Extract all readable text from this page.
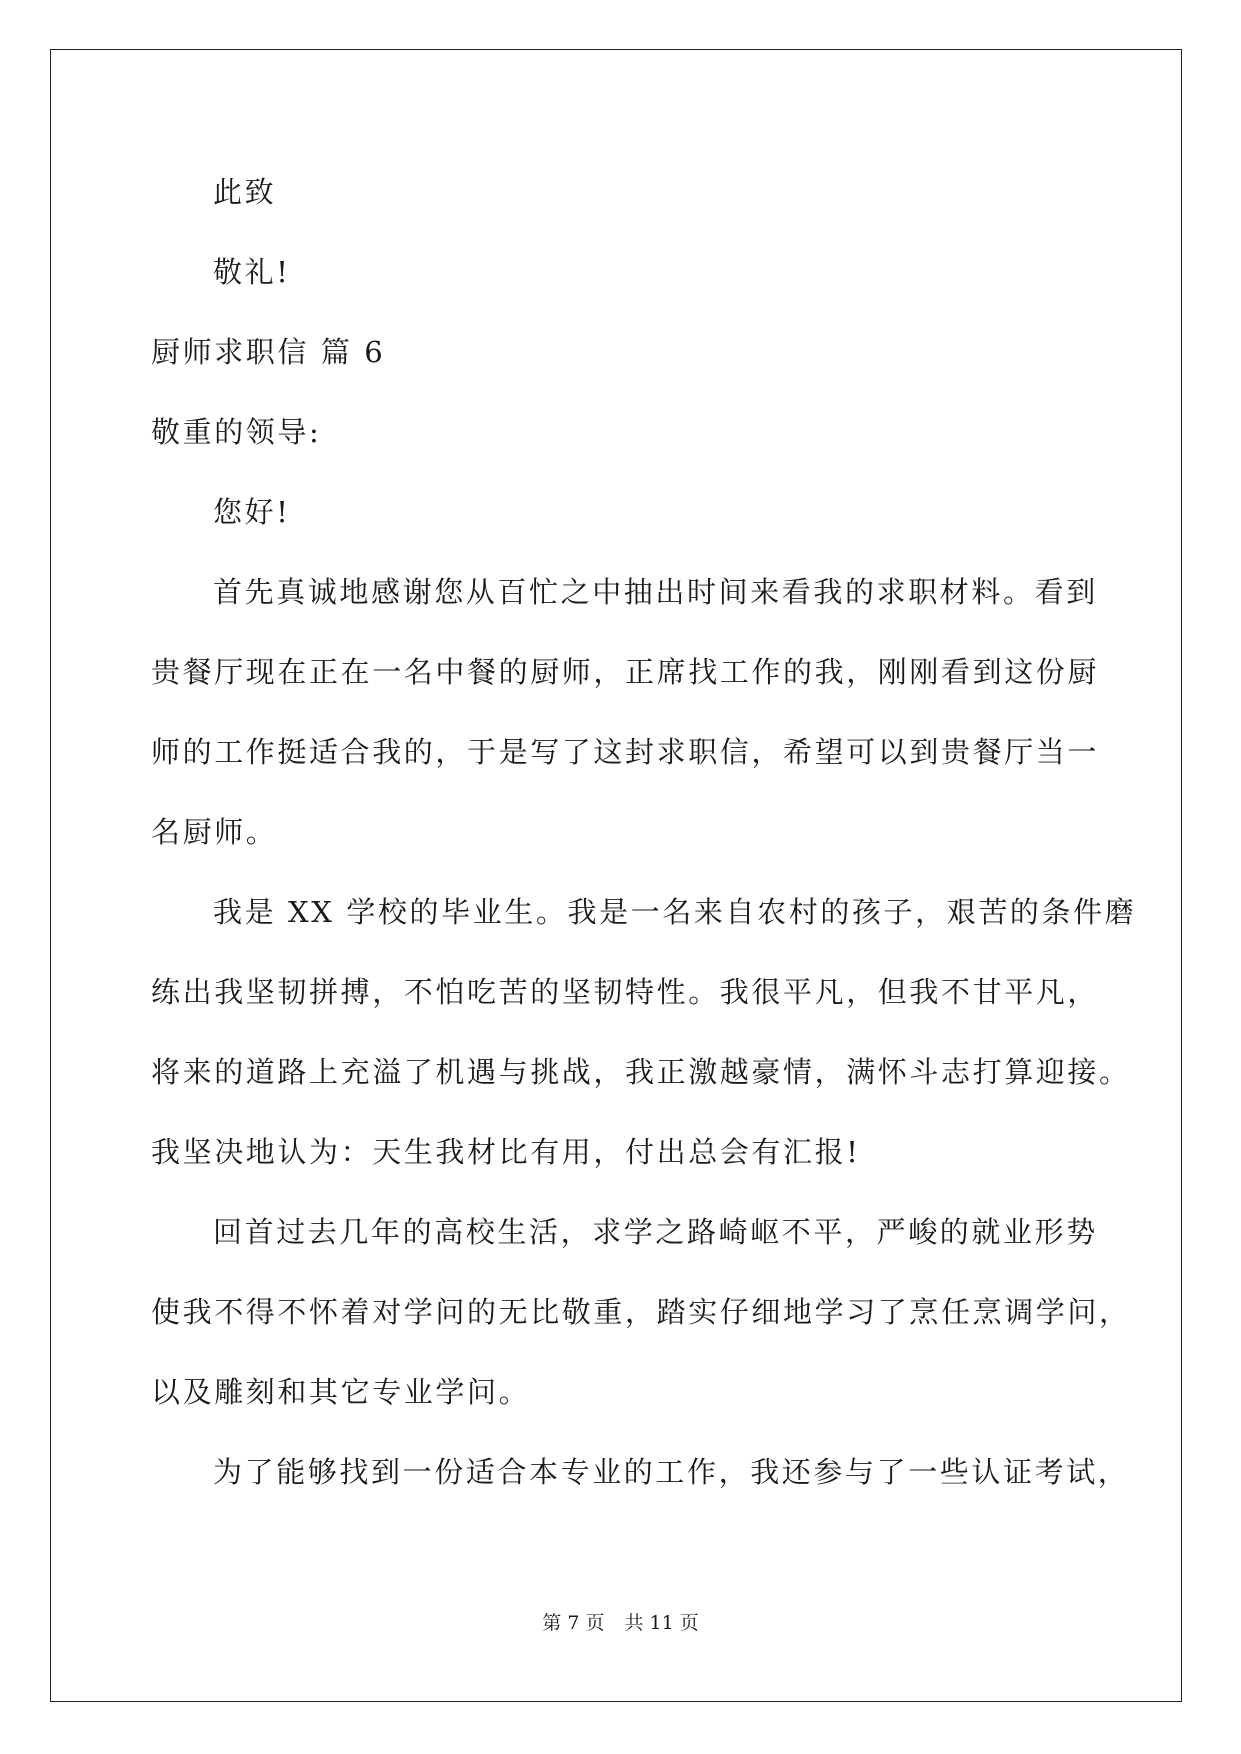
此致
敬礼!
厨师求职信 篇 6
敬重的领导:
您好!
首先真诚地感谢您从百忙之中抽出时间来看我的求职材料。看到
贵餐厅现在正在一名中餐的厨师，正席找工作的我，刚刚看到这份厨
师的工作挺适合我的，于是写了这封求职信，希望可以到贵餐厅当一
名厨师。
我是 XX 学校的毕业生。我是一名来自农村的孩子，艰苦的条件磨
练出我坚韧拼搏，不怕吃苦的坚韧特性。我很平凡，但我不甘平凡，
将来的道路上充溢了机遇与挑战，我正激越豪情，满怀斗志打算迎接。
我坚决地认为：天生我材比有用，付出总会有汇报!
回首过去几年的高校生活，求学之路崎岖不平，严峻的就业形势
使我不得不怀着对学问的无比敬重，踏实仔细地学习了烹任烹调学问，
以及雕刻和其它专业学问。
为了能够找到一份适合本专业的工作，我还参与了一些认证考试，
第 7 页 共 11 页
